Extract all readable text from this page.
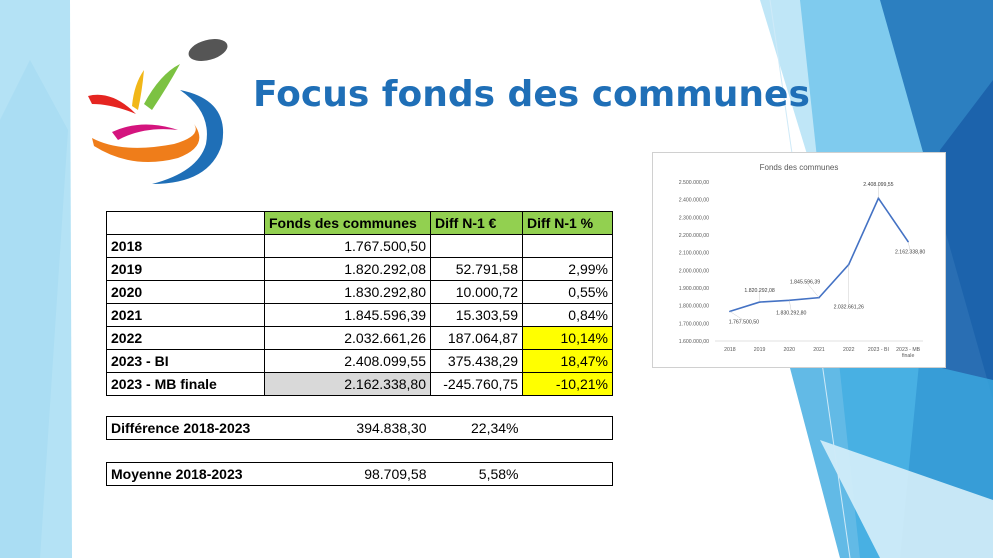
Focus fonds des communes
	Fonds des communes	Diff N-1 €	Diff N-1 %
2018	1.767.500,50		
2019	1.820.292,08	52.791,58	2,99%
2020	1.830.292,80	10.000,72	0,55%
2021	1.845.596,39	15.303,59	0,84%
2022	2.032.661,26	187.064,87	10,14%
2023 - BI	2.408.099,55	375.438,29	18,47%
2023 - MB finale	2.162.338,80	-245.760,75	-10,21%
Différence 2018-2023	394.838,30	22,34%	
Moyenne 2018-2023	98.709,58	5,58%	
Fonds des communes
1.600.000,00
1.700.000,00
1.800.000,00
1.900.000,00
2.000.000,00
2.100.000,00
2.200.000,00
2.300.000,00
2.400.000,00
2.500.000,00
2018	2019	2020	2021	2022	2023 - BI 2023 - MB finale
1.767.500,50
1.820.292,08
1.830.292,80
1.845.596,39
2.032.661,26
2.408.099,55
2.162.338,80
